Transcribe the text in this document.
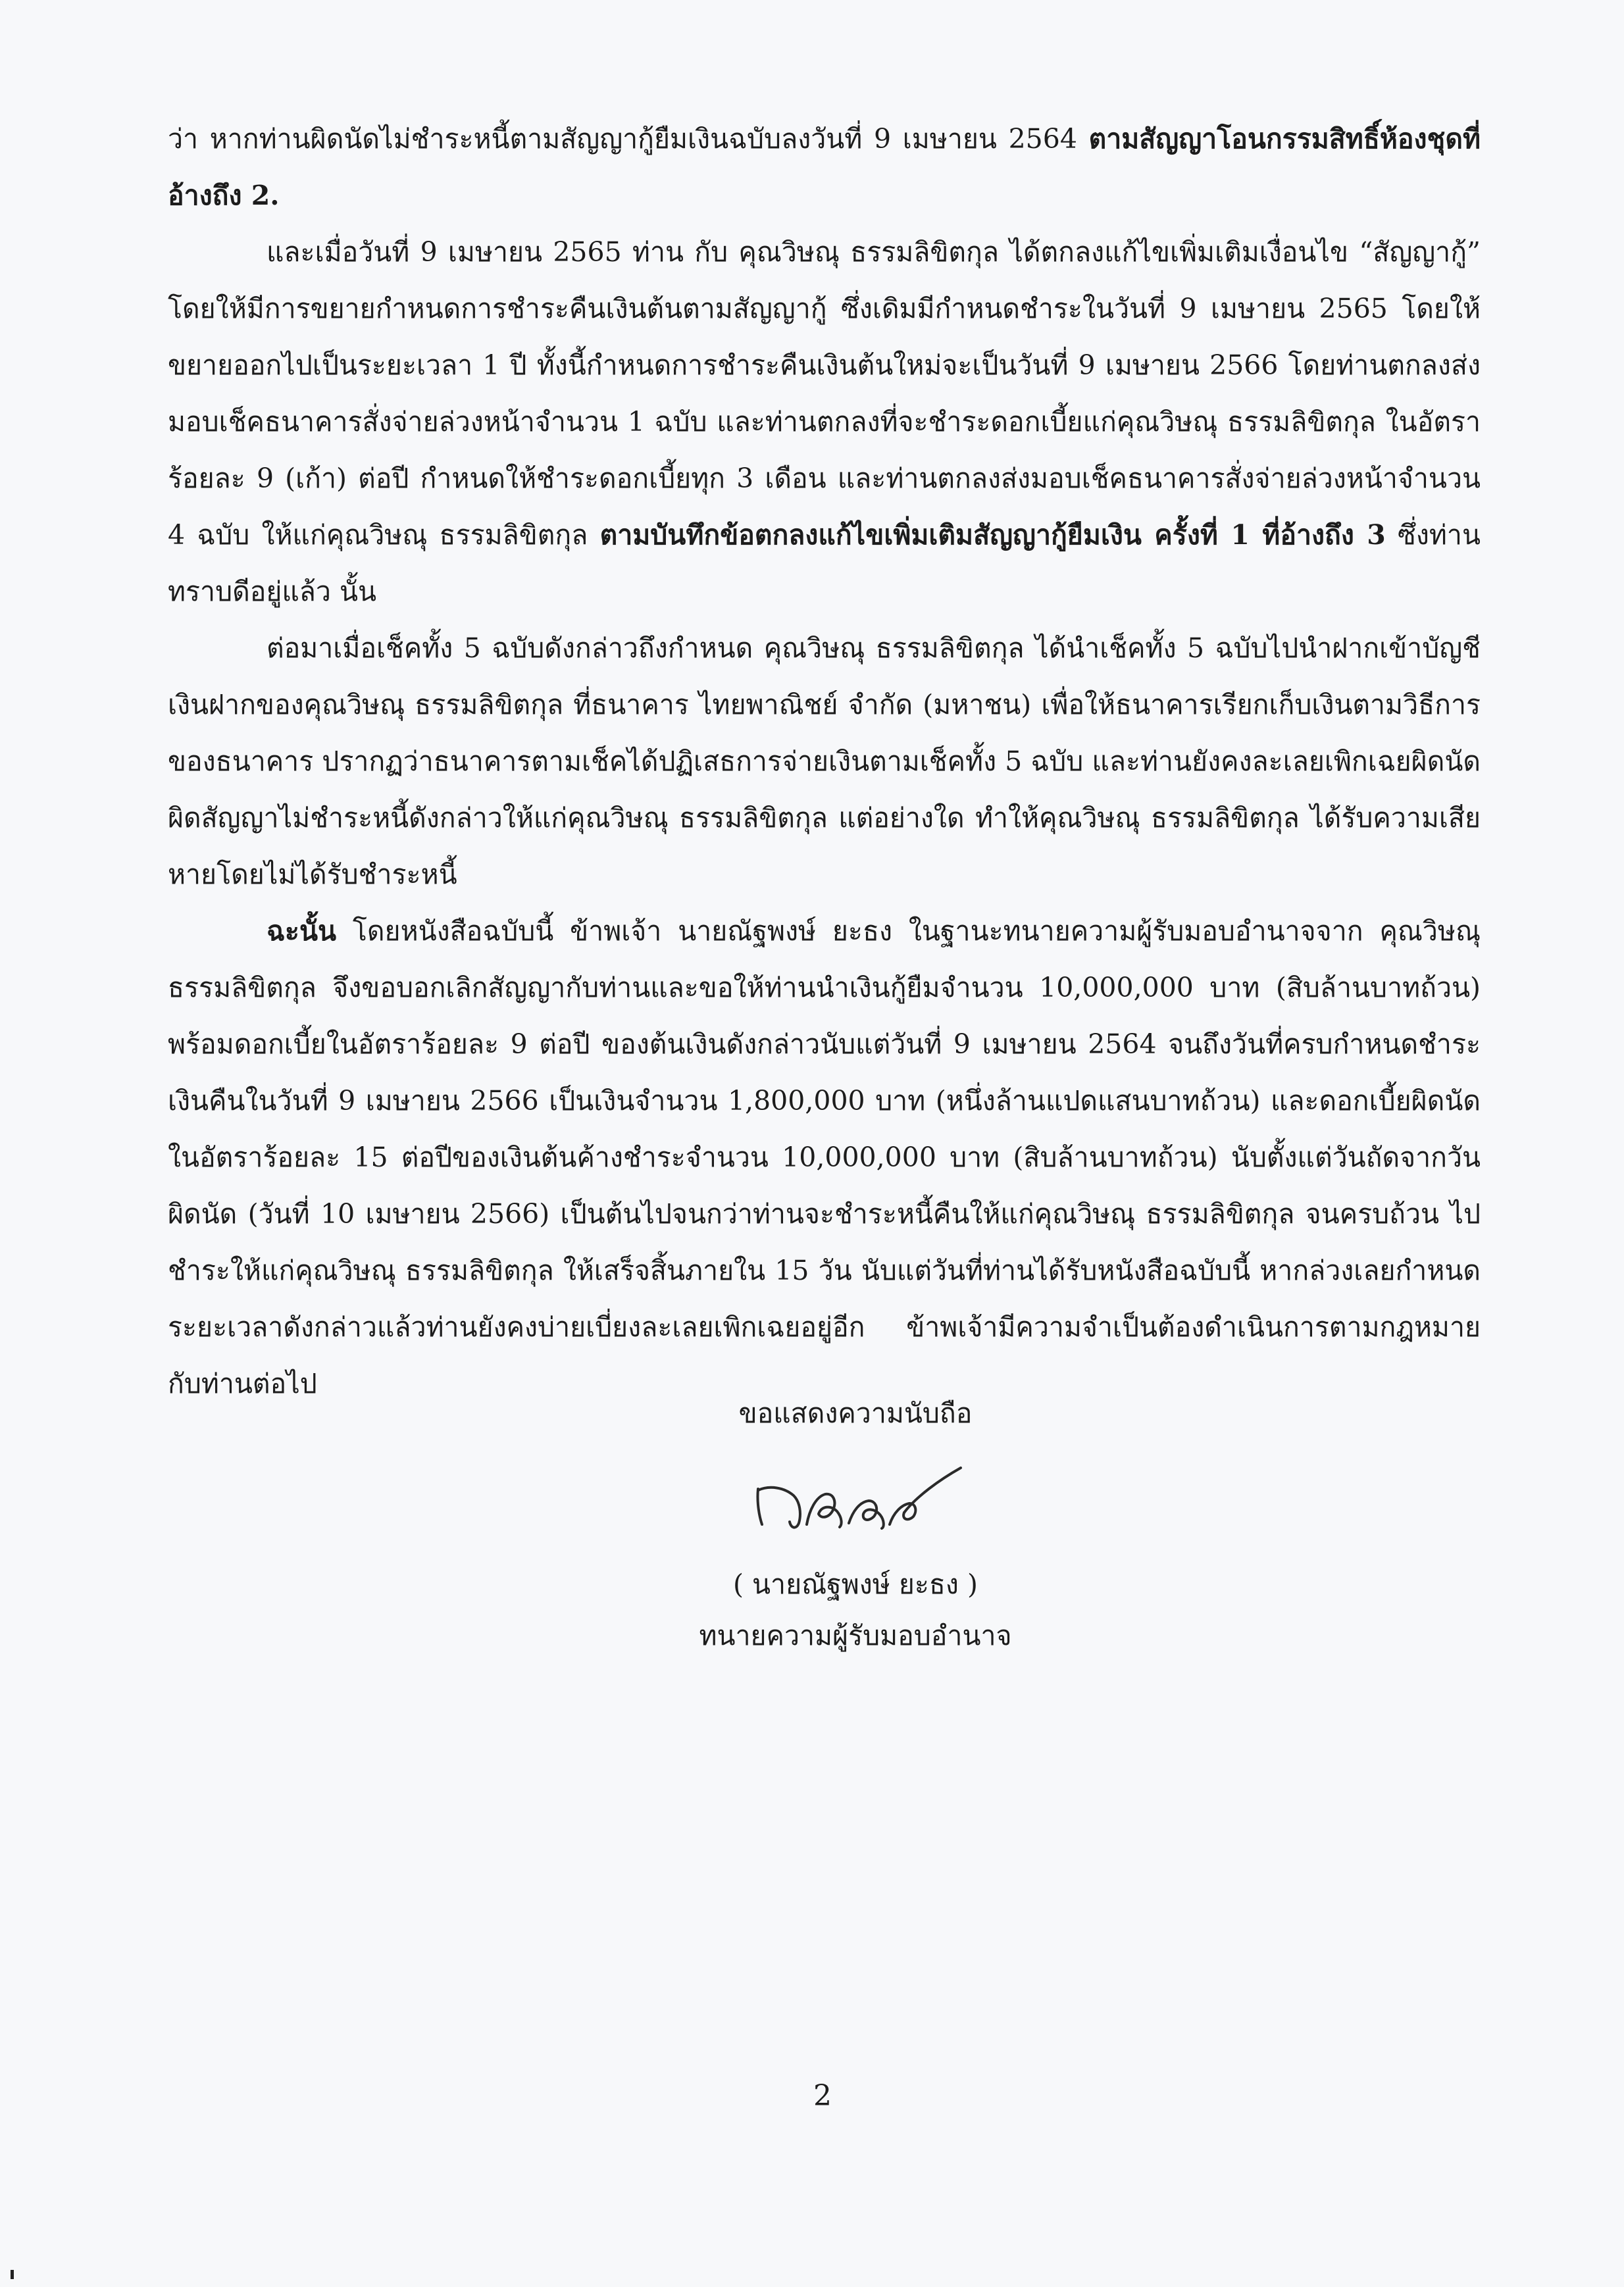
ว่า หากท่านผิดนัดไม่ชำระหนี้ตามสัญญากู้ยืมเงินฉบับลงวันที่ 9 เมษายน 2564 ตามสัญญาโอนกรรมสิทธิ์ห้องชุดที่อ้างถึง 2.

และเมื่อวันที่ 9 เมษายน 2565 ท่าน กับ คุณวิษณุ ธรรมลิขิตกุล ได้ตกลงแก้ไขเพิ่มเติมเงื่อนไข “สัญญากู้” โดยให้มีการขยายกำหนดการชำระคืนเงินต้นตามสัญญากู้ ซึ่งเดิมมีกำหนดชำระในวันที่ 9 เมษายน 2565 โดยให้ขยายออกไปเป็นระยะเวลา 1 ปี ทั้งนี้กำหนดการชำระคืนเงินต้นใหม่จะเป็นวันที่ 9 เมษายน 2566 โดยท่านตกลงส่งมอบเช็คธนาคารสั่งจ่ายล่วงหน้าจำนวน 1 ฉบับ และท่านตกลงที่จะชำระดอกเบี้ยแก่คุณวิษณุ ธรรมลิขิตกุล ในอัตราร้อยละ 9 (เก้า) ต่อปี กำหนดให้ชำระดอกเบี้ยทุก 3 เดือน และท่านตกลงส่งมอบเช็คธนาคารสั่งจ่ายล่วงหน้าจำนวน 4 ฉบับ ให้แก่คุณวิษณุ ธรรมลิขิตกุล ตามบันทึกข้อตกลงแก้ไขเพิ่มเติมสัญญากู้ยืมเงิน ครั้งที่ 1 ที่อ้างถึง 3 ซึ่งท่านทราบดีอยู่แล้ว นั้น

ต่อมาเมื่อเช็คทั้ง 5 ฉบับดังกล่าวถึงกำหนด คุณวิษณุ ธรรมลิขิตกุล ได้นำเช็คทั้ง 5 ฉบับไปนำฝากเข้าบัญชีเงินฝากของคุณวิษณุ ธรรมลิขิตกุล ที่ธนาคาร ไทยพาณิชย์ จำกัด (มหาชน) เพื่อให้ธนาคารเรียกเก็บเงินตามวิธีการของธนาคาร ปรากฏว่าธนาคารตามเช็คได้ปฏิเสธการจ่ายเงินตามเช็คทั้ง 5 ฉบับ และท่านยังคงละเลยเพิกเฉยผิดนัดผิดสัญญาไม่ชำระหนี้ดังกล่าวให้แก่คุณวิษณุ ธรรมลิขิตกุล แต่อย่างใด ทำให้คุณวิษณุ ธรรมลิขิตกุล ได้รับความเสียหายโดยไม่ได้รับชำระหนี้

ฉะนั้น โดยหนังสือฉบับนี้ ข้าพเจ้า นายณัฐพงษ์ ยะธง ในฐานะทนายความผู้รับมอบอำนาจจาก คุณวิษณุ ธรรมลิขิตกุล จึงขอบอกเลิกสัญญากับท่านและขอให้ท่านนำเงินกู้ยืมจำนวน 10,000,000 บาท (สิบล้านบาทถ้วน) พร้อมดอกเบี้ยในอัตราร้อยละ 9 ต่อปี ของต้นเงินดังกล่าวนับแต่วันที่ 9 เมษายน 2564 จนถึงวันที่ครบกำหนดชำระเงินคืนในวันที่ 9 เมษายน 2566 เป็นเงินจำนวน 1,800,000 บาท (หนึ่งล้านแปดแสนบาทถ้วน) และดอกเบี้ยผิดนัดในอัตราร้อยละ 15 ต่อปีของเงินต้นค้างชำระจำนวน 10,000,000 บาท (สิบล้านบาทถ้วน) นับตั้งแต่วันถัดจากวันผิดนัด (วันที่ 10 เมษายน 2566) เป็นต้นไปจนกว่าท่านจะชำระหนี้คืนให้แก่คุณวิษณุ ธรรมลิขิตกุล จนครบถ้วน ไปชำระให้แก่คุณวิษณุ ธรรมลิขิตกุล ให้เสร็จสิ้นภายใน 15 วัน นับแต่วันที่ท่านได้รับหนังสือฉบับนี้ หากล่วงเลยกำหนดระยะเวลาดังกล่าวแล้วท่านยังคงบ่ายเบี่ยงละเลยเพิกเฉยอยู่อีก ข้าพเจ้ามีความจำเป็นต้องดำเนินการตามกฎหมายกับท่านต่อไป

ขอแสดงความนับถือ
( นายณัฐพงษ์ ยะธง )
ทนายความผู้รับมอบอำนาจ
2
